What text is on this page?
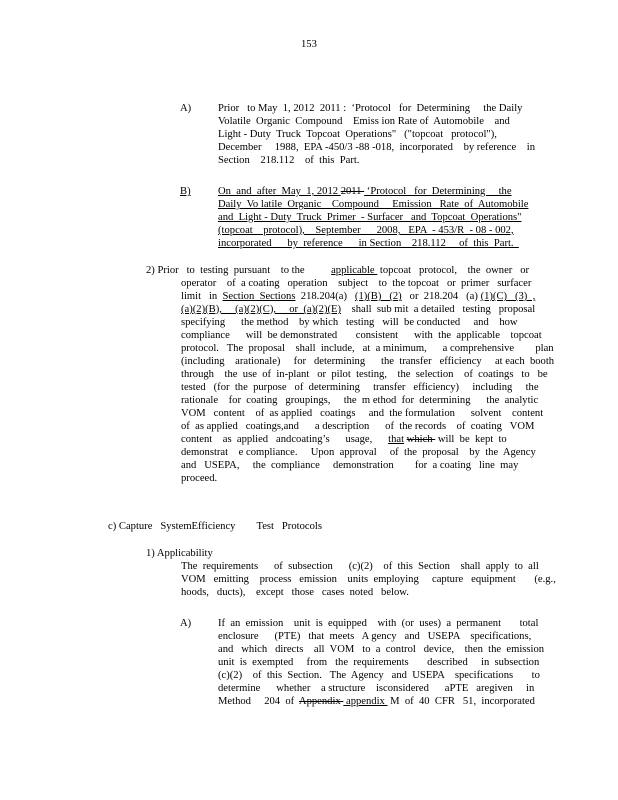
153
A)	Prior   to May  1, 2012  2011 :  ‘Protocol   for  Determining     the Daily
Volatile  Organic  Compound    Emiss ion Rate of  Automobile    and
Light - Duty  Truck  Topcoat  Operations"   ("topcoat   protocol"),
December     1988,  EPA -450/3 -88 -018,  incorporated    by reference    in
Section    218.112    of  this  Part.
B)	On  and  after  May  1, 2012 2011  ‘Protocol   for  Determining     the
Daily  Vo latile  Organic    Compound     Emission   Rate  of  Automobile
and  Light - Duty  Truck  Primer  - Surfacer   and  Topcoat  Operations"
(topcoat    protocol),    September      2008,   EPA  - 453/R  - 08 - 002,
incorporated      by  reference      in Section    218.112     of  this  Part.
2) Prior   to  testing  pursuant    to the          applicable  topcoat   protocol,    the  owner   or
operator    of  a coating   operation    subject    to  the topcoat   or  primer   surfacer
limit   in  Section  Sections  218.204(a)   (1)(B)   (2)   or  218.204   (a) (1)(C)   (3)  ,
(a)(2)(B),     (a)(2)(C),     or  (a)(2)(E)    shall  sub mit  a detailed   testing   proposal
specifying      the method    by which   testing   will  be conducted     and    how
compliance      will  be demonstrated       consistent      with  the  applicable    topcoat
protocol.   The  proposal    shall  include,   at  a minimum,      a comprehensive        plan
(including    arationale)     for   determining      the  transfer   efficiency     at each  booth
through    the  use  of  in-plant   or  pilot  testing,    the  selection    of  coatings   to   be
tested   (for  the  purpose   of  determining     transfer   efficiency)     including     the
rationale    for  coating   groupings,     the  m ethod  for  determining      the  analytic
VOM   content    of  as applied   coatings     and  the formulation      solvent    content
of  as applied   coatings,and      a description      of  the records    of  coating   VOM
content    as  applied   andcoating’s      usage,      that which  will  be  kept  to
demonstrat    e compliance.     Upon  approval     of  the  proposal    by  the  Agency
and   USEPA,     the  compliance     demonstration        for  a coating   line  may
proceed.
c) Capture   SystemEfficiency        Test   Protocols
1) Applicability
The  requirements      of  subsection      (c)(2)    of  this  Section    shall  apply  to  all
VOM   emitting    process   emission    units  employing     capture   equipment       (e.g.,
hoods,   ducts),    except   those   cases  noted   below.
A)	If  an  emission    unit  is  equipped    with  (or  uses)  a  permanent       total
enclosure      (PTE)   that  meets   A gency   and   USEPA    specifications,
and   which   directs    all  VOM   to  a  control   device,    then  the  emission
unit  is  exempted     from   the  requirements       described     in  subsection
(c)(2)    of  this  Section.   The  Agency   and  USEPA    specifications       to
determine      whether    a structure    isconsidered      aPTE   aregiven     in
Method     204  of  Appendix  appendix  M  of  40  CFR   51,  incorporated
